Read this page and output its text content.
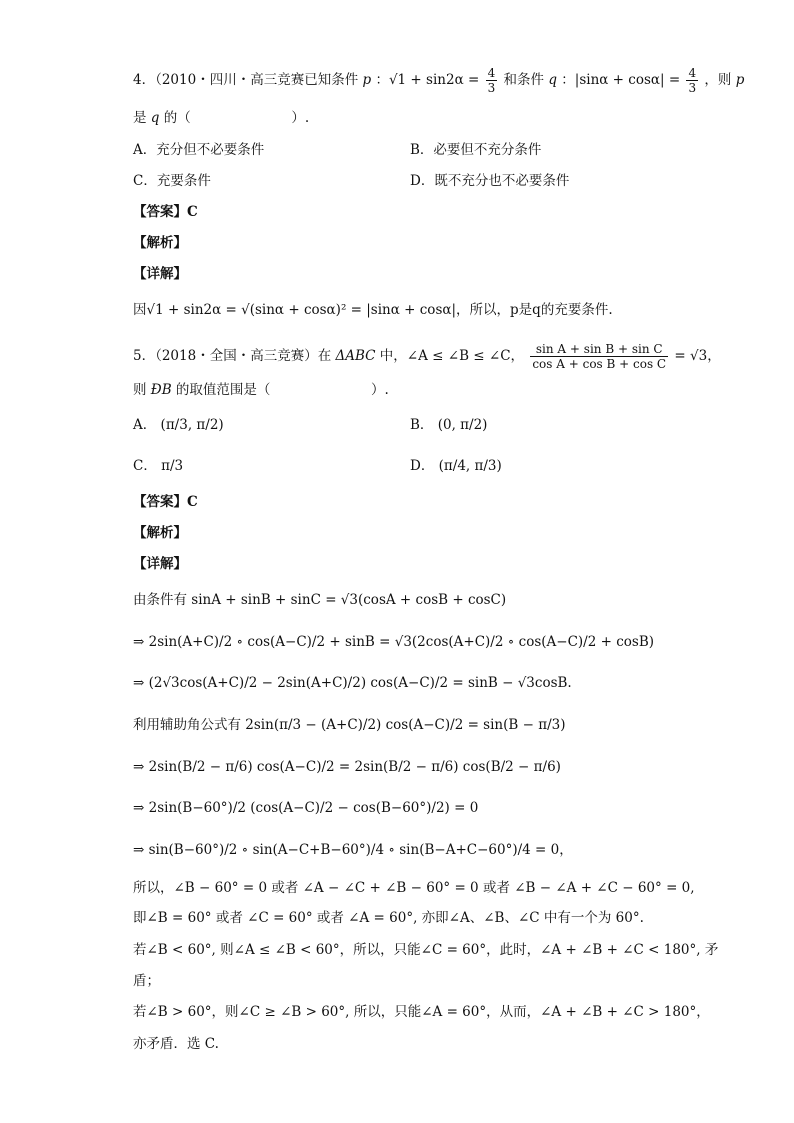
4．（2010・四川・高三竞赛已知条件 p ：$√1 + \sin 2\alpha = \frac{4}{3}$ 和条件 q ：$|\sin\alpha + \cos\alpha| = \frac{4}{3}$ ，则 p
是 q 的（	）.
A．充分但不必要条件	B．必要但不充分条件
C．充要条件	D．既不充分也不必要条件
【答案】C
【解析】
【详解】
因√1 + sin2α = √(sinα + cosα)² = |sinα + cosα|，所以，p是q的充要条件.
5．（2018・全国・高三竞赛）在 ΔABC 中，∠A ≤ ∠B ≤ ∠C， $\frac{\text{sin A + sin B + sin C}}{\text{cos A + cos B + cos C}} = √3$，
则 ÐB 的取值范围是（	）.
A． (π/3, π/2)	B． (0, π/2)
C． π/3	D． (π/4, π/3)
【答案】C
【解析】
【详解】
由条件有 sinA + sinB + sinC = √3(cosA + cosB + cosC)
⇒ 2sin(A+C)/2 ∘ cos(A−C)/2 + sinB = √3(2cos(A+C)/2 ∘ cos(A−C)/2 + cosB)
⇒ (2√3cos(A+C)/2 − 2sin(A+C)/2) cos(A−C)/2 = sinB − √3cosB.
利用辅助角公式有 2sin(π/3 − (A+C)/2) cos(A−C)/2 = sin(B − π/3)
⇒ 2sin(B/2 − π/6) cos(A−C)/2 = 2sin(B/2 − π/6) cos(B/2 − π/6)
⇒ 2sin(B−60°)/2 (cos(A−C)/2 − cos(B−60°)/2) = 0
⇒ sin(B−60°)/2 ∘ sin(A−C+B−60°)/4 ∘ sin(B−A+C−60°)/4 = 0，
所以，∠B − 60° = 0 或者 ∠A − ∠C + ∠B − 60° = 0 或者 ∠B − ∠A + ∠C − 60° = 0,
即∠B = 60° 或者 ∠C = 60° 或者 ∠A = 60°, 亦即∠A、∠B、∠C 中有一个为 60°.
若∠B < 60°, 则∠A ≤ ∠B < 60°，所以，只能∠C = 60°，此时，∠A + ∠B + ∠C < 180°, 矛
盾；
若∠B > 60°，则∠C ≥ ∠B > 60°, 所以，只能∠A = 60°，从而，∠A + ∠B + ∠C > 180°，
亦矛盾．选 C.
